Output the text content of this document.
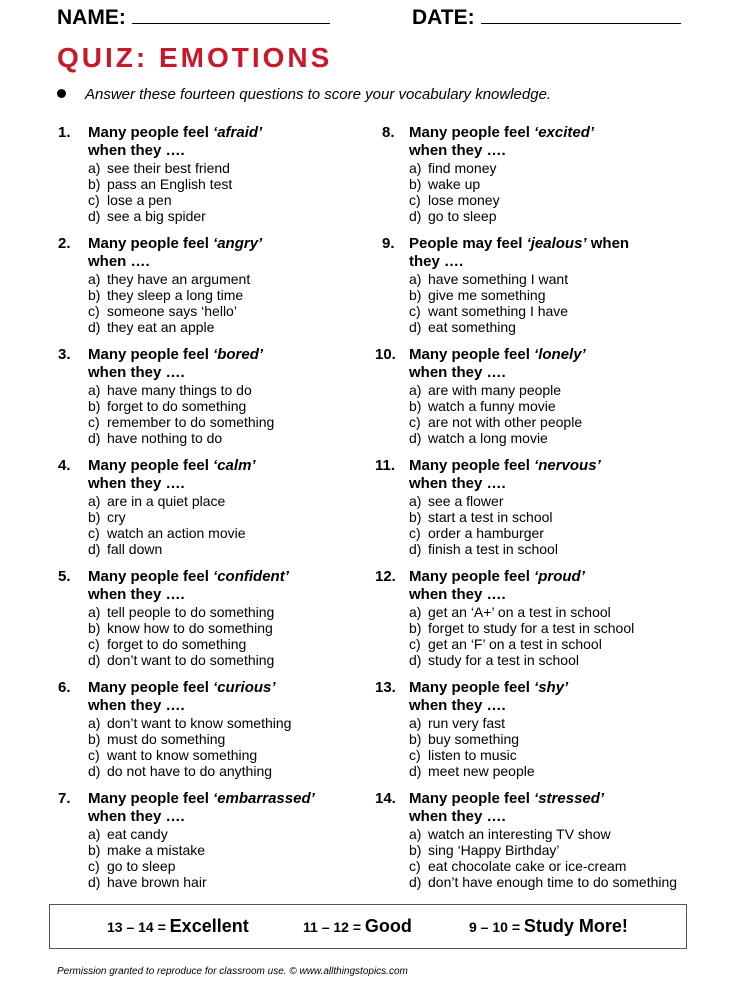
NAME:	DATE:
QUIZ: EMOTIONS
Answer these fourteen questions to score your vocabulary knowledge.
1. Many people feel ‘afraid’
when they ….
a) see their best friend
b) pass an English test
c) lose a pen
d) see a big spider
2. Many people feel ‘angry’
when ….
a) they have an argument
b) they sleep a long time
c) someone says ‘hello’
d) they eat an apple
3. Many people feel ‘bored’
when they ….
a) have many things to do
b) forget to do something
c) remember to do something
d) have nothing to do
4. Many people feel ‘calm’
when they ….
a) are in a quiet place
b) cry
c) watch an action movie
d) fall down
5. Many people feel ‘confident’
when they ….
a) tell people to do something
b) know how to do something
c) forget to do something
d) don’t want to do something
6. Many people feel ‘curious’
when they ….
a) don’t want to know something
b) must do something
c) want to know something
d) do not have to do anything
7. Many people feel ‘embarrassed’
when they ….
a) eat candy
b) make a mistake
c) go to sleep
d) have brown hair
8. Many people feel ‘excited’
when they ….
a) find money
b) wake up
c) lose money
d) go to sleep
9. People may feel ‘jealous’ when
they ….
a) have something I want
b) give me something
c) want something I have
d) eat something
10. Many people feel ‘lonely’
when they ….
a) are with many people
b) watch a funny movie
c) are not with other people
d) watch a long movie
11. Many people feel ‘nervous’
when they ….
a) see a flower
b) start a test in school
c) order a hamburger
d) finish a test in school
12. Many people feel ‘proud’
when they ….
a) get an ‘A+’ on a test in school
b) forget to study for a test in school
c) get an ‘F’ on a test in school
d) study for a test in school
13. Many people feel ‘shy’
when they ….
a) run very fast
b) buy something
c) listen to music
d) meet new people
14. Many people feel ‘stressed’
when they ….
a) watch an interesting TV show
b) sing ‘Happy Birthday’
c) eat chocolate cake or ice-cream
d) don’t have enough time to do something
13 – 14 = Excellent	11 – 12 = Good	9 – 10 = Study More!
Permission granted to reproduce for classroom use. © www.allthingstopics.com
